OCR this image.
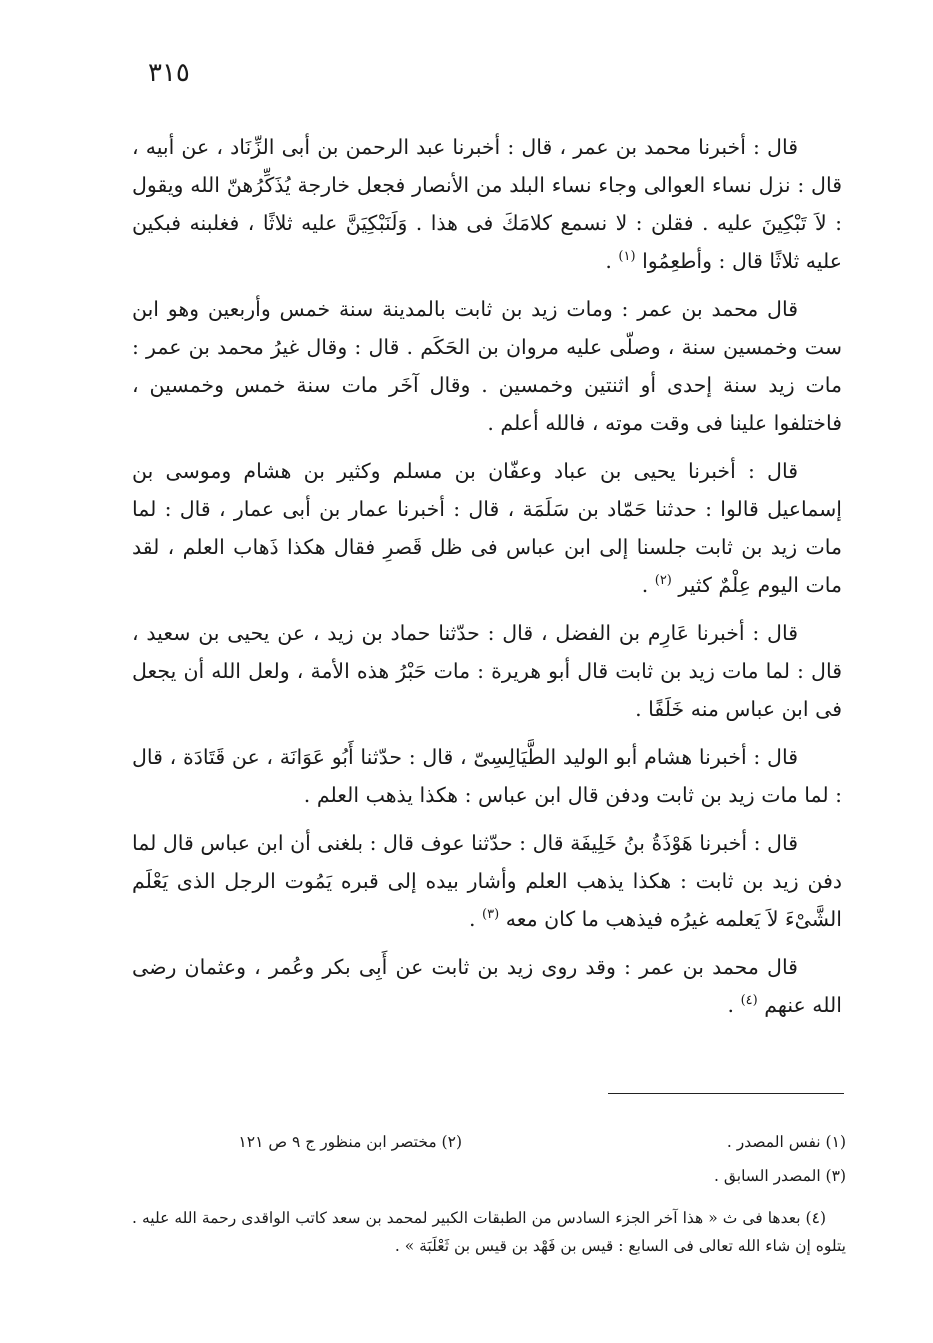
٣١٥

قال : أخبرنا محمد بن عمر ، قال : أخبرنا عبد الرحمن بن أبى الزِّنَاد ، عن أبيه ، قال : نزل نساء العوالى وجاء نساء البلد من الأنصار فجعل خارجة يُذَكِّرُهنّ الله ويقول : لاَ تَبْكِينَ عليه . فقلن : لا نسمع كلامَكَ فى هذا . وَلَنَبْكِيَنَّ عليه ثلاثًا ، فغلبنه فبكين عليه ثلاثًا قال : وأطعِمُوا $^{(١)}$ .

قال محمد بن عمر : ومات زيد بن ثابت بالمدينة سنة خمس وأربعين وهو ابن ست وخمسين سنة ، وصلّى عليه مروان بن الحَكَم . قال : وقال غيرُ محمد بن عمر : مات زيد سنة إحدى أو اثنتين وخمسين . وقال آخَر مات سنة خمس وخمسين ، فاختلفوا علينا فى وقت موته ، فالله أعلم .

قال : أخبرنا يحيى بن عباد وعفّان بن مسلم وكثير بن هشام وموسى بن إسماعيل قالوا : حدثنا حَمّاد بن سَلَمَة ، قال : أخبرنا عمار بن أبى عمار ، قال : لما مات زيد بن ثابت جلسنا إلى ابن عباس فى ظل قَصرِ فقال هكذا ذَهاب العلم ، لقد مات اليوم عِلْمٌ كثير $^{(٢)}$ .

قال : أخبرنا عَارِم بن الفضل ، قال : حدّثنا حماد بن زيد ، عن يحيى بن سعيد ، قال : لما مات زيد بن ثابت قال أبو هريرة : مات حَبْرُ هذه الأمة ، ولعل الله أن يجعل فى ابن عباس منه خَلَفًا .

قال : أخبرنا هشام أبو الوليد الطَّيَالِسِىّ ، قال : حدّثنا أَبُو عَوَانَة ، عن قَتَادَة ، قال : لما مات زيد بن ثابت ودفن قال ابن عباس : هكذا يذهب العلم .

قال : أخبرنا هَوْذَةُ بنُ خَلِيفَة قال : حدّثنا عوف قال : بلغنى أن ابن عباس قال لما دفن زيد بن ثابت : هكذا يذهب العلم وأشار بيده إلى قبره يَمُوت الرجل الذى يَعْلَم الشَّىْءَ لاَ يَعلمه غيرُه فيذهب ما كان معه $^{(٣)}$ .

قال محمد بن عمر : وقد روى زيد بن ثابت عن أَبِى بكر وعُمر ، وعثمان رضى الله عنهم $^{(٤)}$ .

(١) نفس المصدر .
(٣) المصدر السابق .
(٢) مختصر ابن منظور ج ٩ ص ١٢١
(٤) بعدها فى ث « هذا آخر الجزء السادس من الطبقات الكبير لمحمد بن سعد كاتب الواقدى رحمة الله عليه . يتلوه إن شاء الله تعالى فى السابع : قيس بن فَهْد بن قيس بن ثَعْلَبَة » .
